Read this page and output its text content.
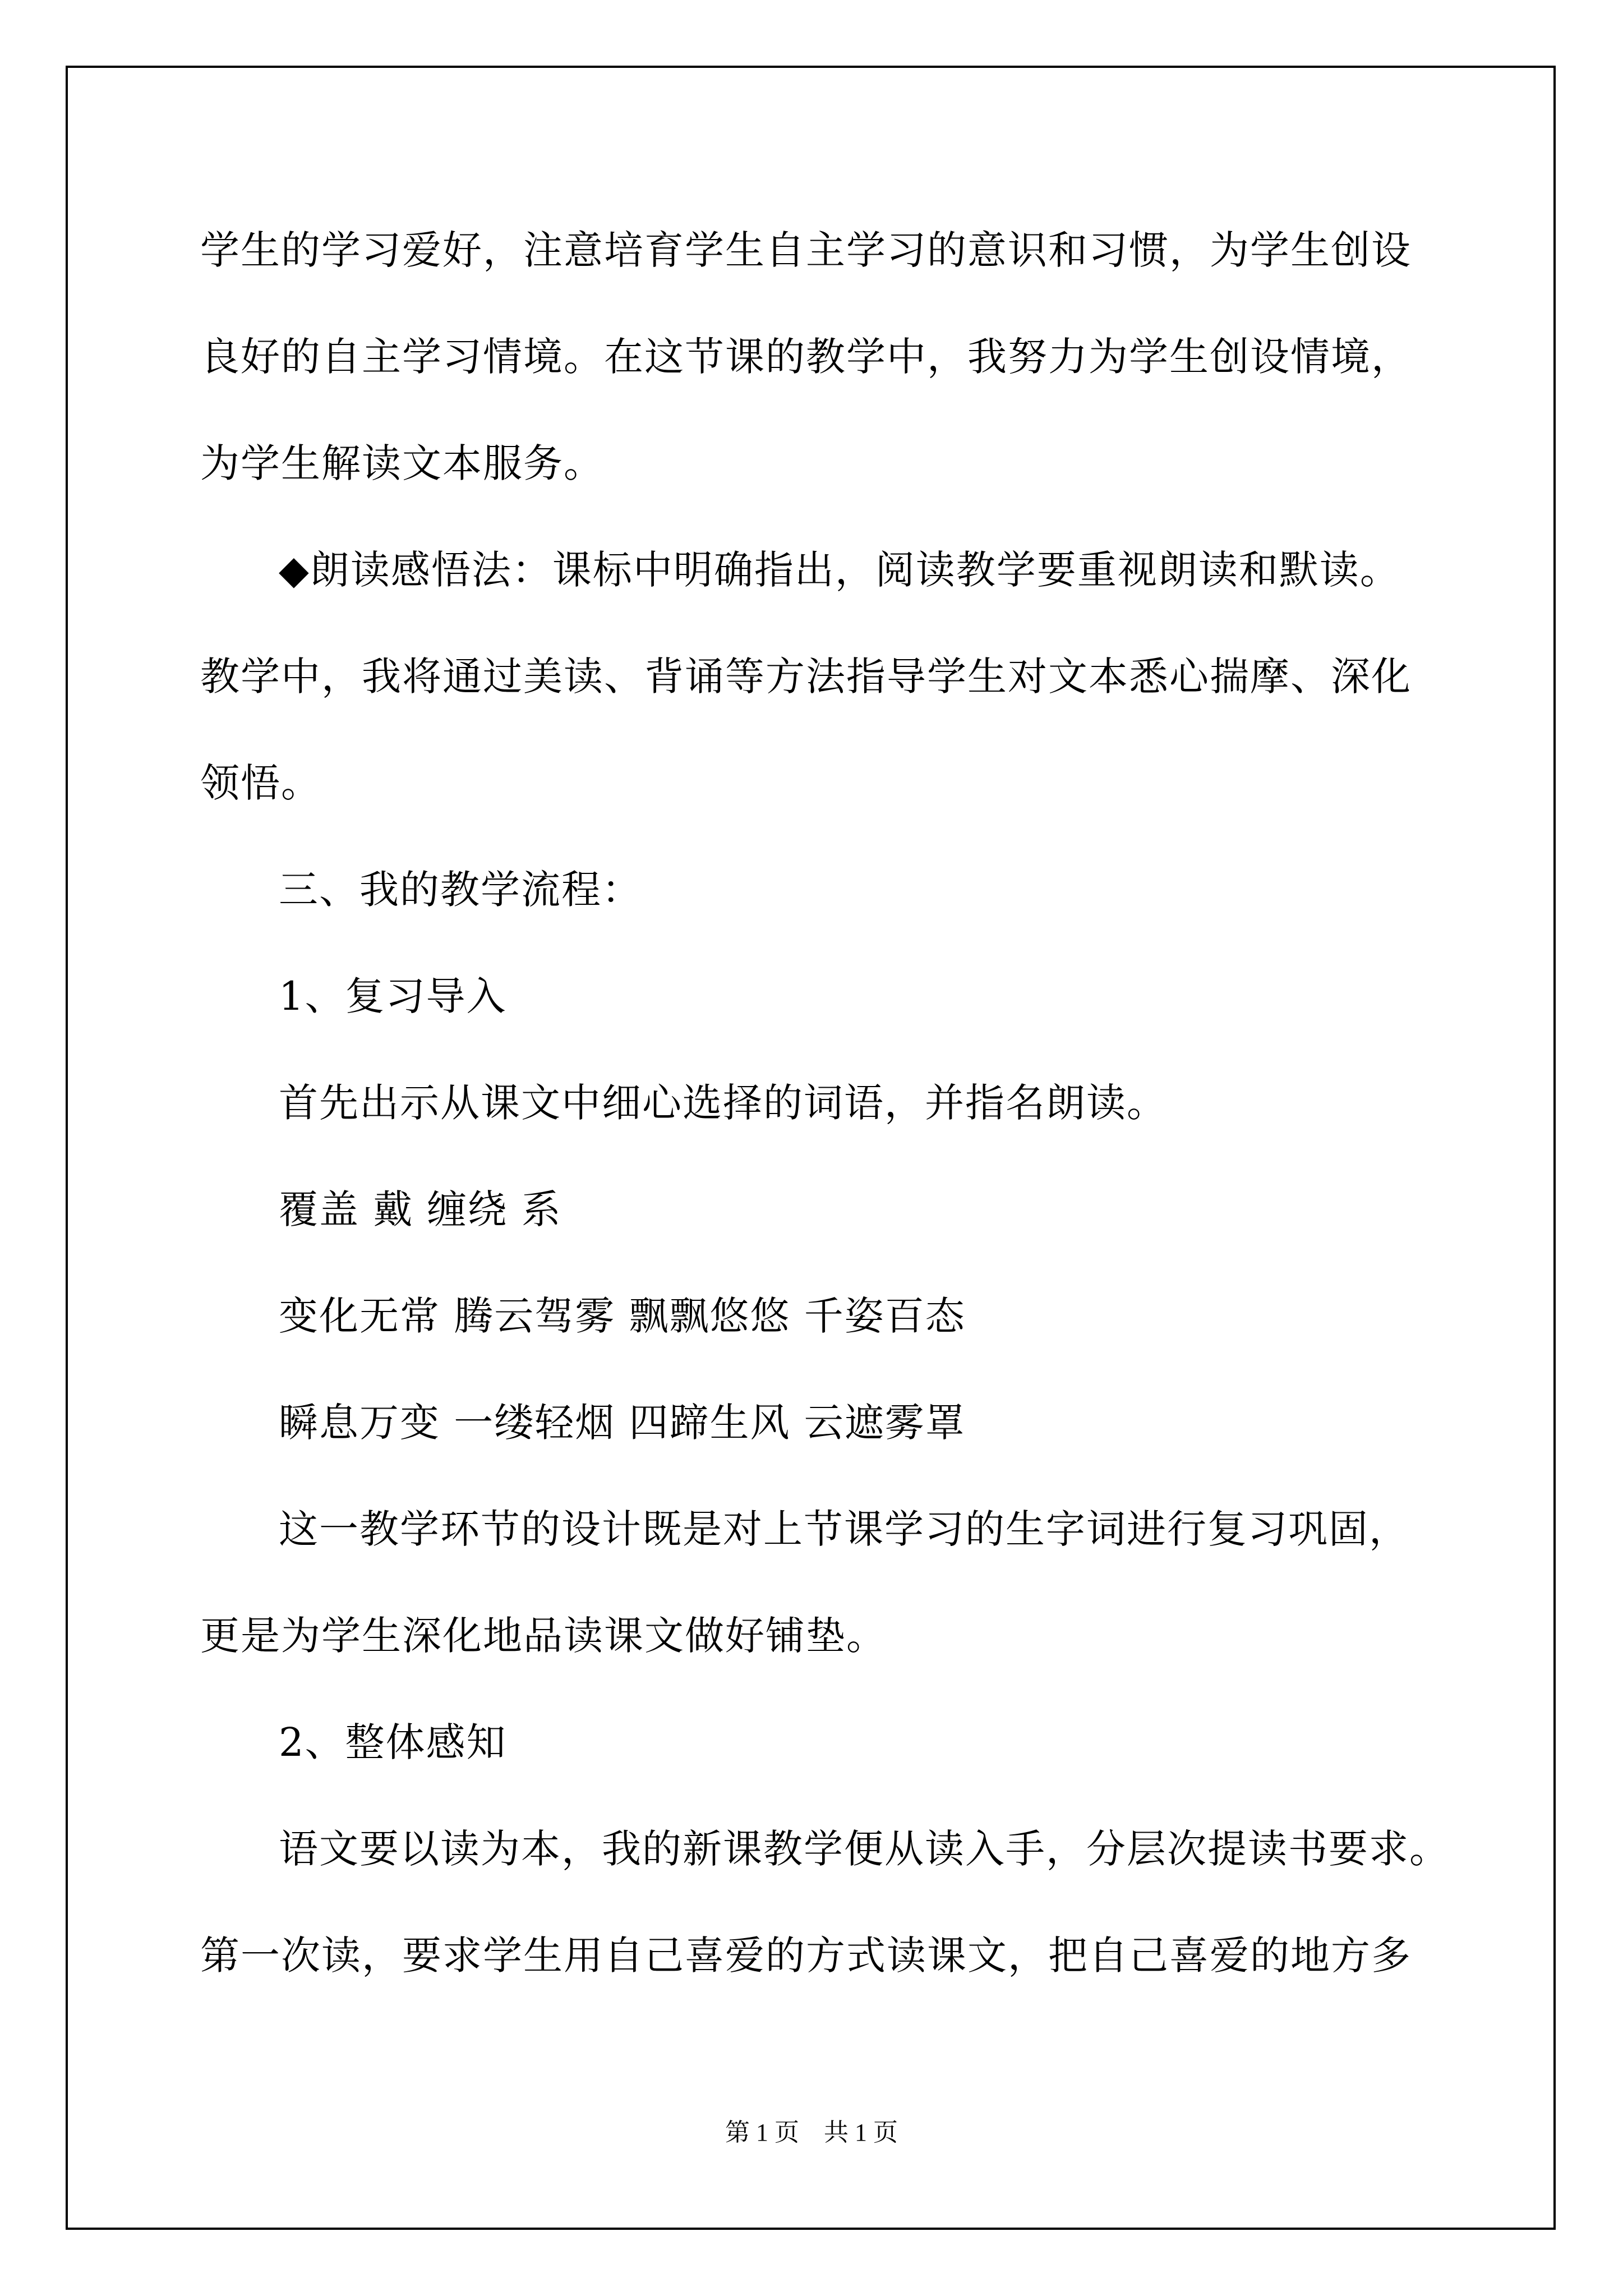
学生的学习爱好，注意培育学生自主学习的意识和习惯，为学生创设
良好的自主学习情境。在这节课的教学中，我努力为学生创设情境，
为学生解读文本服务。
◆朗读感悟法：课标中明确指出，阅读教学要重视朗读和默读。
教学中，我将通过美读、背诵等方法指导学生对文本悉心揣摩、深化
领悟。
三、我的教学流程：
1、复习导入
首先出示从课文中细心选择的词语，并指名朗读。
覆盖 戴 缠绕 系
变化无常 腾云驾雾 飘飘悠悠 千姿百态
瞬息万变 一缕轻烟 四蹄生风 云遮雾罩
这一教学环节的设计既是对上节课学习的生字词进行复习巩固，
更是为学生深化地品读课文做好铺垫。
2、整体感知
语文要以读为本，我的新课教学便从读入手，分层次提读书要求。
第一次读，要求学生用自己喜爱的方式读课文，把自己喜爱的地方多
第 1 页　共 1 页
